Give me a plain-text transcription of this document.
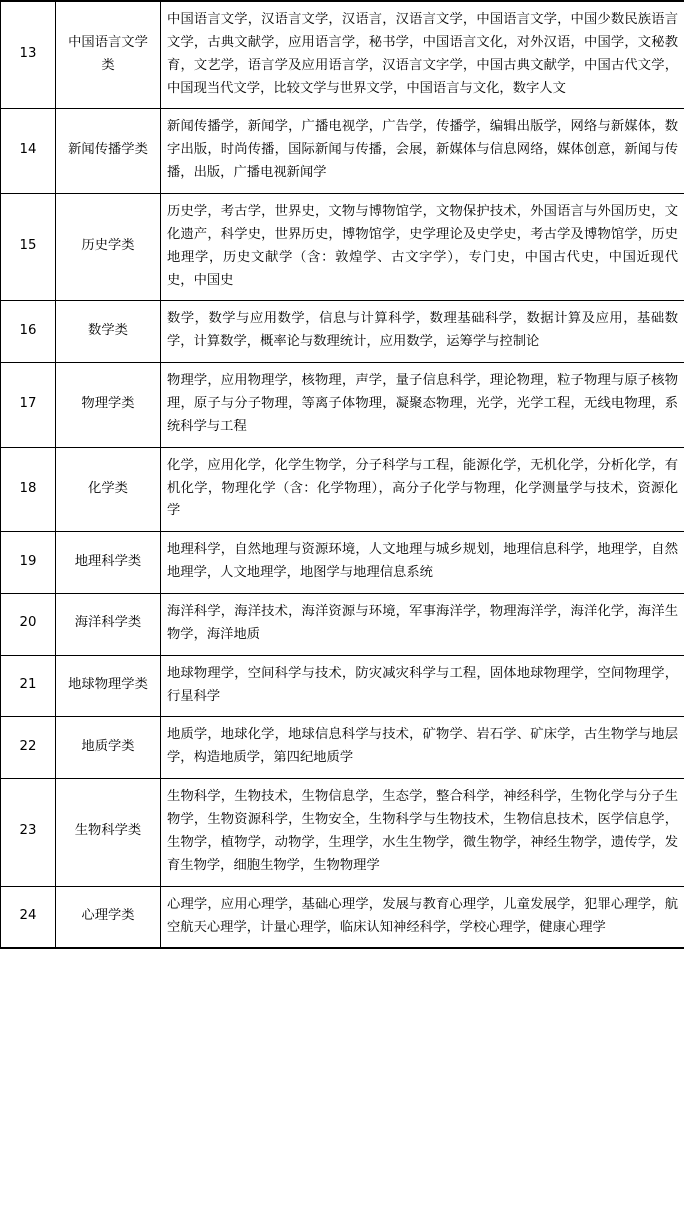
13	中国语言文学类	中国语言文学，汉语言文学，汉语言，汉语言文学，中国语言文学，中国少数民族语言文学，古典文献学，应用语言学，秘书学，中国语言文化，对外汉语，中国学，文秘教育，文艺学，语言学及应用语言学，汉语言文字学，中国古典文献学，中国古代文学，中国现当代文学，比较文学与世界文学，中国语言与文化，数字人文
14	新闻传播学类	新闻传播学，新闻学，广播电视学，广告学，传播学，编辑出版学，网络与新媒体，数字出版，时尚传播，国际新闻与传播，会展，新媒体与信息网络，媒体创意，新闻与传播，出版，广播电视新闻学
15	历史学类	历史学，考古学，世界史，文物与博物馆学，文物保护技术，外国语言与外国历史，文化遗产，科学史，世界历史，博物馆学，史学理论及史学史，考古学及博物馆学，历史地理学，历史文献学（含：敦煌学、古文字学），专门史，中国古代史，中国近现代史，中国史
16	数学类	数学，数学与应用数学，信息与计算科学，数理基础科学，数据计算及应用，基础数学，计算数学，概率论与数理统计，应用数学，运筹学与控制论
17	物理学类	物理学，应用物理学，核物理，声学，量子信息科学，理论物理，粒子物理与原子核物理，原子与分子物理，等离子体物理，凝聚态物理，光学，光学工程，无线电物理，系统科学与工程
18	化学类	化学，应用化学，化学生物学，分子科学与工程，能源化学，无机化学，分析化学，有机化学，物理化学（含：化学物理），高分子化学与物理，化学测量学与技术，资源化学
19	地理科学类	地理科学，自然地理与资源环境，人文地理与城乡规划，地理信息科学，地理学，自然地理学，人文地理学，地图学与地理信息系统
20	海洋科学类	海洋科学，海洋技术，海洋资源与环境，军事海洋学，物理海洋学，海洋化学，海洋生物学，海洋地质
21	地球物理学类	地球物理学，空间科学与技术，防灾减灾科学与工程，固体地球物理学，空间物理学，行星科学
22	地质学类	地质学，地球化学，地球信息科学与技术，矿物学、岩石学、矿床学，古生物学与地层学，构造地质学，第四纪地质学
23	生物科学类	生物科学，生物技术，生物信息学，生态学，整合科学，神经科学，生物化学与分子生物学，生物资源科学，生物安全，生物科学与生物技术，生物信息技术，医学信息学，生物学，植物学，动物学，生理学，水生生物学，微生物学，神经生物学，遗传学，发育生物学，细胞生物学，生物物理学
24	心理学类	心理学，应用心理学，基础心理学，发展与教育心理学，儿童发展学，犯罪心理学，航空航天心理学，计量心理学，临床认知神经科学，学校心理学，健康心理学
